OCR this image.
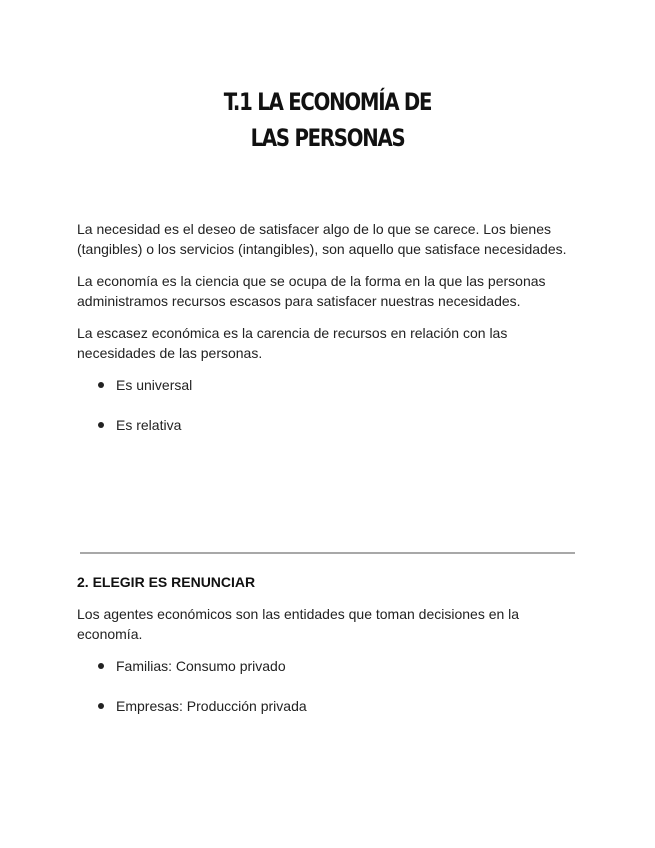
T.1 LA ECONOMÍA DE
LAS PERSONAS

La necesidad es el deseo de satisfacer algo de lo que se carece. Los bienes (tangibles) o los servicios (intangibles), son aquello que satisface necesidades.

La economía es la ciencia que se ocupa de la forma en la que las personas administramos recursos escasos para satisfacer nuestras necesidades.

La escasez económica es la carencia de recursos en relación con las necesidades de las personas.

Es universal
Es relativa

2. ELEGIR ES RENUNCIAR

Los agentes económicos son las entidades que toman decisiones en la economía.

Familias: Consumo privado
Empresas: Producción privada
